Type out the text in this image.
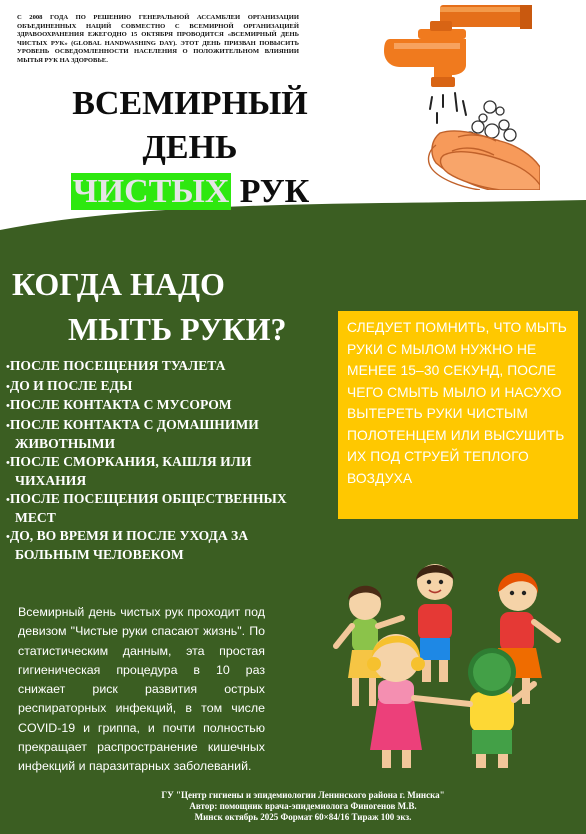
С 2008 ГОДА ПО РЕШЕНИЮ ГЕНЕРАЛЬНОЙ АССАМБЛЕИ ОРГАНИЗАЦИИ ОБЪЕДИНЕННЫХ НАЦИЙ СОВМЕСТНО С ВСЕМИРНОЙ ОРГАНИЗАЦИЕЙ ЗДРАВООХРАНЕНИЯ ЕЖЕГОДНО 15 ОКТЯБРЯ ПРОВОДИТСЯ «ВСЕМИРНЫЙ ДЕНЬ ЧИСТЫХ РУК» (GLOBAL HANDWASHING DAY). ЭТОТ ДЕНЬ ПРИЗВАН ПОВЫСИТЬ УРОВЕНЬ ОСВЕДОМЛЕННОСТИ НАСЕЛЕНИЯ О ПОЛОЖИТЕЛЬНОМ ВЛИЯНИИ МЫТЬЯ РУК НА ЗДОРОВЬЕ.
ВСЕМИРНЫЙ
ДЕНЬ
ЧИСТЫХ РУК
КОГДА НАДО
МЫТЬ РУКИ?
•ПОСЛЕ ПОСЕЩЕНИЯ ТУАЛЕТА
•ДО И ПОСЛЕ ЕДЫ
•ПОСЛЕ КОНТАКТА С МУСОРОМ
•ПОСЛЕ КОНТАКТА С ДОМАШНИМИ ЖИВОТНЫМИ
•ПОСЛЕ СМОРКАНИЯ, КАШЛЯ ИЛИ ЧИХАНИЯ
•ПОСЛЕ ПОСЕЩЕНИЯ ОБЩЕСТВЕННЫХ МЕСТ
•ДО, ВО ВРЕМЯ И ПОСЛЕ УХОДА ЗА БОЛЬНЫМ ЧЕЛОВЕКОМ
СЛЕДУЕТ ПОМНИТЬ, ЧТО МЫТЬ РУКИ С МЫЛОМ НУЖНО НЕ МЕНЕЕ 15–30 СЕКУНД, ПОСЛЕ ЧЕГО СМЫТЬ МЫЛО И НАСУХО ВЫТЕРЕТЬ РУКИ ЧИСТЫМ ПОЛОТЕНЦЕМ ИЛИ ВЫСУШИТЬ ИХ ПОД СТРУЕЙ ТЕПЛОГО ВОЗДУХА
Всемирный день чистых рук проходит под девизом "Чистые руки спасают жизнь". По статистическим данным, эта простая гигиеническая процедура в 10 раз снижает риск развития острых респираторных инфекций, в том числе COVID-19 и гриппа, и почти полностью прекращает распространение кишечных инфекций и паразитарных заболеваний.
ГУ "Центр гигиены и эпидемиологии Ленинского района г. Минска"
Автор: помощник врача-эпидемиолога Финогенов М.В.
Минск октябрь 2025 Формат 60×84/16 Тираж 100 экз.
